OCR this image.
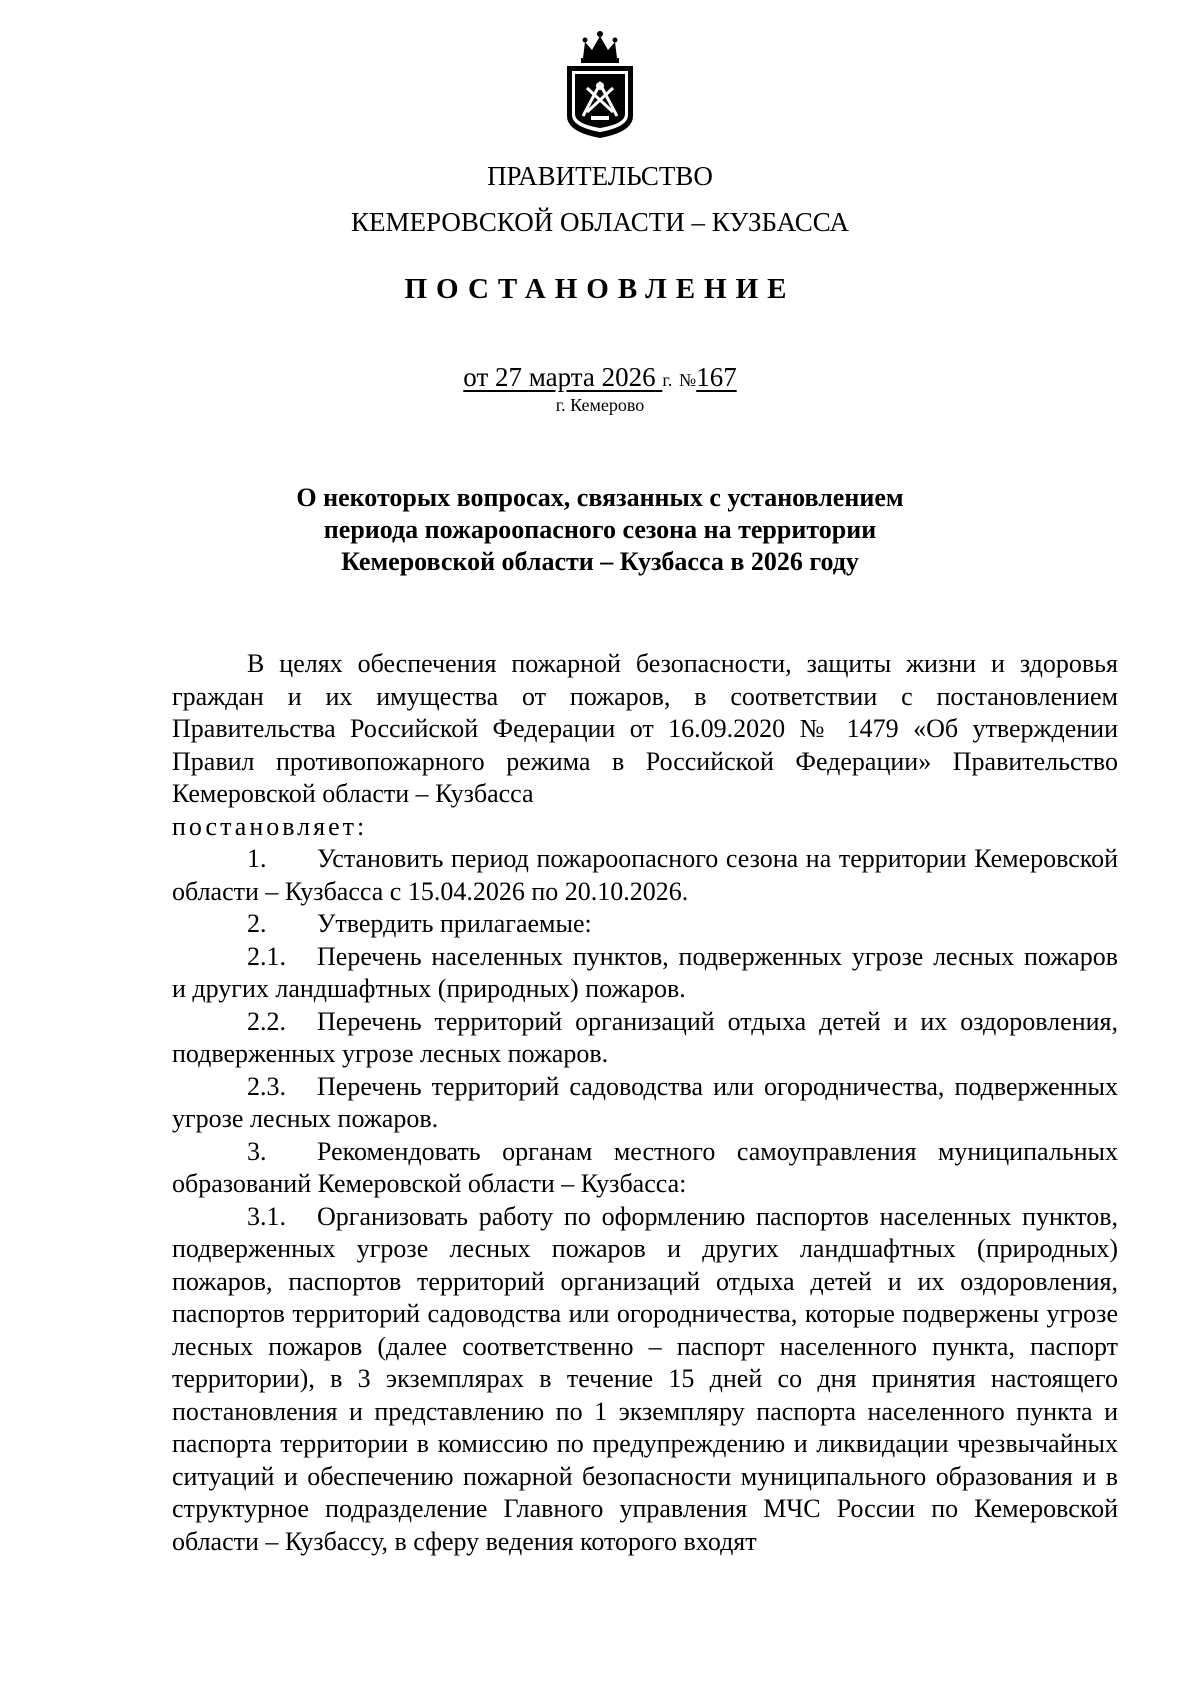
ПРАВИТЕЛЬСТВО
КЕМЕРОВСКОЙ ОБЛАСТИ – КУЗБАССА
ПОСТАНОВЛЕНИЕ
от 27 марта 2026 г. №167
г. Кемерово
О некоторых вопросах, связанных с установлением
периода пожароопасного сезона на территории
Кемеровской области – Кузбасса в 2026 году

В целях обеспечения пожарной безопасности, защиты жизни и здоровья граждан и их имущества от пожаров, в соответствии с постановлением Правительства Российской Федерации от 16.09.2020 № 1479 «Об утверждении Правил противопожарного режима в Российской Федерации» Правительство Кемеровской области – Кузбасса

постановляет:

1. Установить период пожароопасного сезона на территории Кемеровской области – Кузбасса с 15.04.2026 по 20.10.2026.

2. Утвердить прилагаемые:

2.1. Перечень населенных пунктов, подверженных угрозе лесных пожаров и других ландшафтных (природных) пожаров.

2.2. Перечень территорий организаций отдыха детей и их оздоровления, подверженных угрозе лесных пожаров.

2.3. Перечень территорий садоводства или огородничества, подверженных угрозе лесных пожаров.

3. Рекомендовать органам местного самоуправления муниципальных образований Кемеровской области – Кузбасса:

3.1. Организовать работу по оформлению паспортов населенных пунктов, подверженных угрозе лесных пожаров и других ландшафтных (природных) пожаров, паспортов территорий организаций отдыха детей и их оздоровления, паспортов территорий садоводства или огородничества, которые подвержены угрозе лесных пожаров (далее соответственно – паспорт населенного пункта, паспорт территории), в 3 экземплярах в течение 15 дней со дня принятия настоящего постановления и представлению по 1 экземпляру паспорта населенного пункта и паспорта территории в комиссию по предупреждению и ликвидации чрезвычайных ситуаций и обеспечению пожарной безопасности муниципального образования и в структурное подразделение Главного управления МЧС России по Кемеровской области – Кузбассу, в сферу ведения которого входят
